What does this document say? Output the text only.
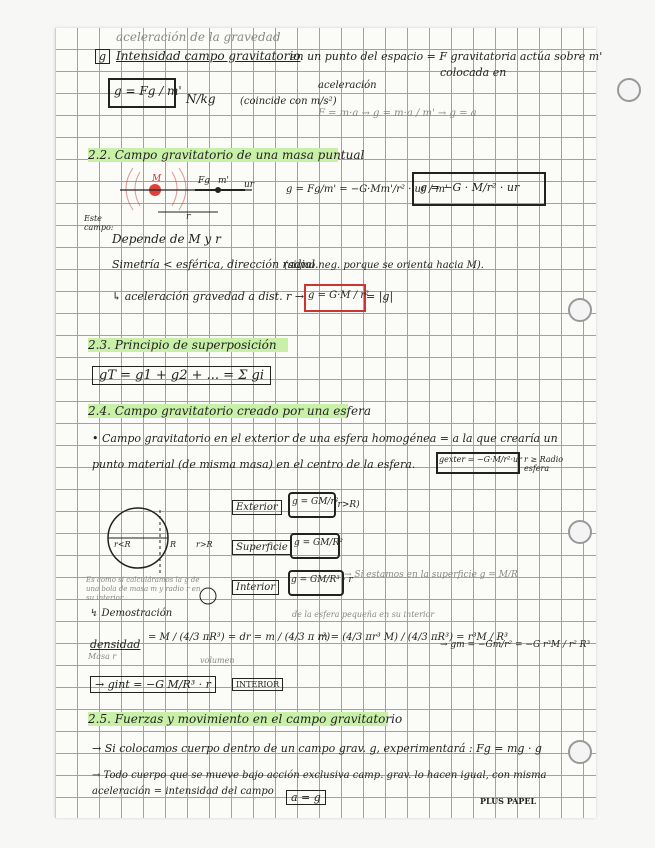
aceleración de la gravedad
g Intensidad campo gravitatorio
en un punto del espacio = F gravitatoria actúa sobre m'
colocada en
aceleración
g = Fg / m'
N/kg (coincide con m/s²)
F = m·a → g = m·a / m' → g = a
2.2. Campo gravitatorio de una masa puntual
M	Fg m' ur
r
g = Fg/m' = −G·Mm'/r² · ur / m'
g = −G · M/r² · ur
Este campo:
Depende de M y r
Simetría < esférica, dirección radial.
(signo neg. porque se orienta hacia M).
↳ aceleración gravedad a dist. r → g = G·M / r²
= |g|
2.3. Principio de superposición
gT = g1 + g2 + ... = Σ gi
2.4. Campo gravitatorio creado por una esfera
• Campo gravitatorio en el exterior de una esfera homogénea = a la que crearía un
punto material (de misma masa) en el centro de la esfera.	gexter = −G·M/r²·ur r ≥ Radio esfera
r<R	R r>R
Exterior	g = GM/r²
(r>R)
Superficie g = GM/R²
Interior
g = GM/R³ · r
→ Si estamos en la superficie g = M/R
Es como si calculáramos la g de una bola de masa m y radio r en su interior
↯ Demostración	de la esfera pequeña en su interior
densidad
= M / (4/3 πR³) = dr = m / (4/3 π r³)
Masa r	volumen
m = (4/3 πr³ M) / (4/3 πR³) = r³M / R³
→ gm = −Gm/r² = −G r³M / r² R³
→ gint = −G M/R³ · r	INTERIOR
2.5. Fuerzas y movimiento en el campo gravitatorio
→ Si colocamos cuerpo dentro de un campo grav. g, experimentará : Fg = mg · g
→ Todo cuerpo que se mueve bajo acción exclusiva camp. grav. lo hacen igual, con misma
aceleración = intensidad del campo	a = g	PLUS PAPEL
